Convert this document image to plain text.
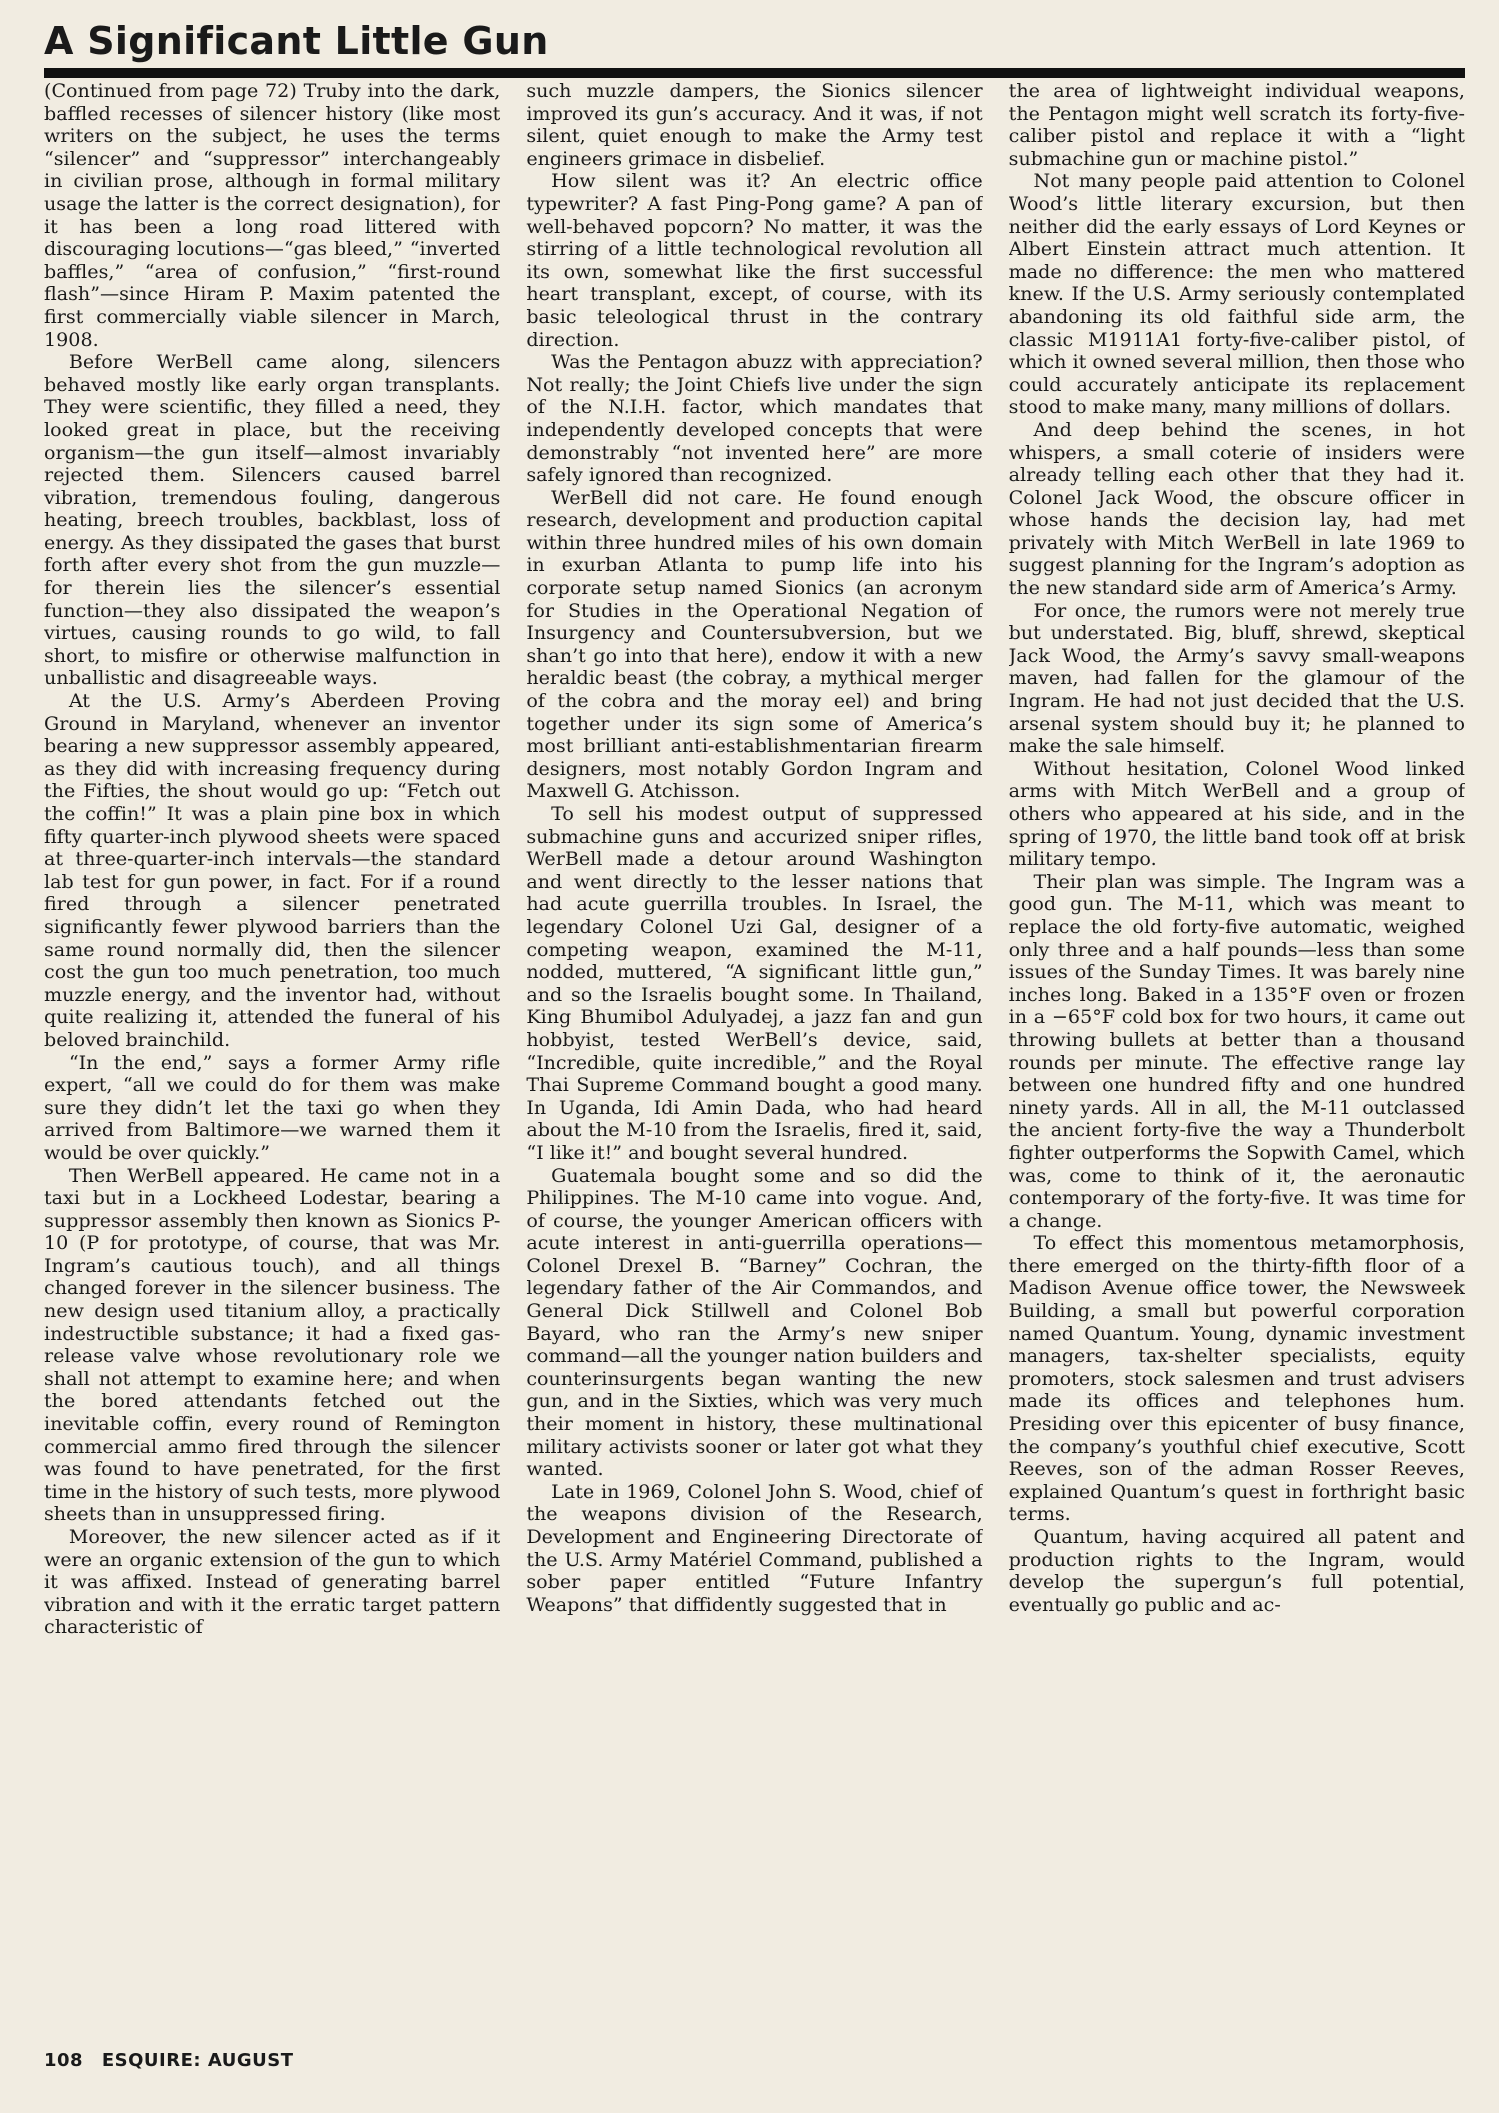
A Significant Little Gun

(Continued from page 72) Truby into the dark, baffled recesses of silencer history (like most writers on the subject, he uses the terms “silencer” and “suppressor” interchangeably in civilian prose, although in formal military usage the latter is the correct designation), for it has been a long road littered with discouraging locutions—“gas bleed,” “inverted baffles,” “area of confusion,” “first-round flash”—since Hiram P. Maxim patented the first commercially viable silencer in March, 1908.

Before WerBell came along, silencers behaved mostly like early organ transplants. They were scientific, they filled a need, they looked great in place, but the receiving organism—the gun itself—almost invariably rejected them. Silencers caused barrel vibration, tremendous fouling, dangerous heating, breech troubles, backblast, loss of energy. As they dissipated the gases that burst forth after every shot from the gun muzzle—for therein lies the silencer’s essential function—they also dissipated the weapon’s virtues, causing rounds to go wild, to fall short, to misfire or otherwise malfunction in unballistic and disagreeable ways.

At the U.S. Army’s Aberdeen Proving Ground in Maryland, whenever an inventor bearing a new suppressor assembly appeared, as they did with increasing frequency during the Fifties, the shout would go up: “Fetch out the coffin!” It was a plain pine box in which fifty quarter-inch plywood sheets were spaced at three-quarter-inch intervals—the standard lab test for gun power, in fact. For if a round fired through a silencer penetrated significantly fewer plywood barriers than the same round normally did, then the silencer cost the gun too much penetration, too much muzzle energy, and the inventor had, without quite realizing it, attended the funeral of his beloved brainchild.

“In the end,” says a former Army rifle expert, “all we could do for them was make sure they didn’t let the taxi go when they arrived from Baltimore—we warned them it would be over quickly.”

Then WerBell appeared. He came not in a taxi but in a Lockheed Lodestar, bearing a suppressor assembly then known as Sionics P-10 (P for prototype, of course, that was Mr. Ingram’s cautious touch), and all things changed forever in the silencer business. The new design used titanium alloy, a practically indestructible substance; it had a fixed gas-release valve whose revolutionary role we shall not attempt to examine here; and when the bored attendants fetched out the inevitable coffin, every round of Remington commercial ammo fired through the silencer was found to have penetrated, for the first time in the history of such tests, more plywood sheets than in unsuppressed firing.

Moreover, the new silencer acted as if it were an organic extension of the gun to which it was affixed. Instead of generating barrel vibration and with it the erratic target pattern characteristic of

such muzzle dampers, the Sionics silencer improved its gun’s accuracy. And it was, if not silent, quiet enough to make the Army test engineers grimace in disbelief.

How silent was it? An electric office typewriter? A fast Ping-Pong game? A pan of well-behaved popcorn? No matter, it was the stirring of a little technological revolution all its own, somewhat like the first successful heart transplant, except, of course, with its basic teleological thrust in the contrary direction.

Was the Pentagon abuzz with appreciation? Not really; the Joint Chiefs live under the sign of the N.I.H. factor, which mandates that independently developed concepts that were demonstrably “not invented here” are more safely ignored than recognized.

WerBell did not care. He found enough research, development and production capital within three hundred miles of his own domain in exurban Atlanta to pump life into his corporate setup named Sionics (an acronym for Studies in the Operational Negation of Insurgency and Countersubversion, but we shan’t go into that here), endow it with a new heraldic beast (the cobray, a mythical merger of the cobra and the moray eel) and bring together under its sign some of America’s most brilliant anti-establishmentarian firearm designers, most notably Gordon Ingram and Maxwell G. Atchisson.

To sell his modest output of suppressed submachine guns and accurized sniper rifles, WerBell made a detour around Washington and went directly to the lesser nations that had acute guerrilla troubles. In Israel, the legendary Colonel Uzi Gal, designer of a competing weapon, examined the M-11, nodded, muttered, “A significant little gun,” and so the Israelis bought some. In Thailand, King Bhumibol Adulyadej, a jazz fan and gun hobbyist, tested WerBell’s device, said, “Incredible, quite incredible,” and the Royal Thai Supreme Command bought a good many. In Uganda, Idi Amin Dada, who had heard about the M-10 from the Israelis, fired it, said, “I like it!” and bought several hundred.

Guatemala bought some and so did the Philippines. The M-10 came into vogue. And, of course, the younger American officers with acute interest in anti-guerrilla operations—Colonel Drexel B. “Barney” Cochran, the legendary father of the Air Commandos, and General Dick Stillwell and Colonel Bob Bayard, who ran the Army’s new sniper command—all the younger nation builders and counterinsurgents began wanting the new gun, and in the Sixties, which was very much their moment in history, these multinational military activists sooner or later got what they wanted.

Late in 1969, Colonel John S. Wood, chief of the weapons division of the Research, Development and Engineering Directorate of the U.S. Army Matériel Command, published a sober paper entitled “Future Infantry Weapons” that diffidently suggested that in

the area of lightweight individual weapons, the Pentagon might well scratch its forty-five-caliber pistol and replace it with a “light submachine gun or machine pistol.”

Not many people paid attention to Colonel Wood’s little literary excursion, but then neither did the early essays of Lord Keynes or Albert Einstein attract much attention. It made no difference: the men who mattered knew. If the U.S. Army seriously contemplated abandoning its old faithful side arm, the classic M1911A1 forty-five-caliber pistol, of which it owned several million, then those who could accurately anticipate its replacement stood to make many, many millions of dollars.

And deep behind the scenes, in hot whispers, a small coterie of insiders were already telling each other that they had it. Colonel Jack Wood, the obscure officer in whose hands the decision lay, had met privately with Mitch WerBell in late 1969 to suggest planning for the Ingram’s adoption as the new standard side arm of America’s Army.

For once, the rumors were not merely true but understated. Big, bluff, shrewd, skeptical Jack Wood, the Army’s savvy small-weapons maven, had fallen for the glamour of the Ingram. He had not just decided that the U.S. arsenal system should buy it; he planned to make the sale himself.

Without hesitation, Colonel Wood linked arms with Mitch WerBell and a group of others who appeared at his side, and in the spring of 1970, the little band took off at brisk military tempo.

Their plan was simple. The Ingram was a good gun. The M-11, which was meant to replace the old forty-five automatic, weighed only three and a half pounds—less than some issues of the Sunday Times. It was barely nine inches long. Baked in a 135°F oven or frozen in a −65°F cold box for two hours, it came out throwing bullets at better than a thousand rounds per minute. The effective range lay between one hundred fifty and one hundred ninety yards. All in all, the M-11 outclassed the ancient forty-five the way a Thunderbolt fighter outperforms the Sopwith Camel, which was, come to think of it, the aeronautic contemporary of the forty-five. It was time for a change.

To effect this momentous metamorphosis, there emerged on the thirty-fifth floor of a Madison Avenue office tower, the Newsweek Building, a small but powerful corporation named Quantum. Young, dynamic investment managers, tax-shelter specialists, equity promoters, stock salesmen and trust advisers made its offices and telephones hum. Presiding over this epicenter of busy finance, the company’s youthful chief executive, Scott Reeves, son of the adman Rosser Reeves, explained Quantum’s quest in forthright basic terms.

Quantum, having acquired all patent and production rights to the Ingram, would develop the supergun’s full potential, eventually go public and ac-

108 ESQUIRE: AUGUST
